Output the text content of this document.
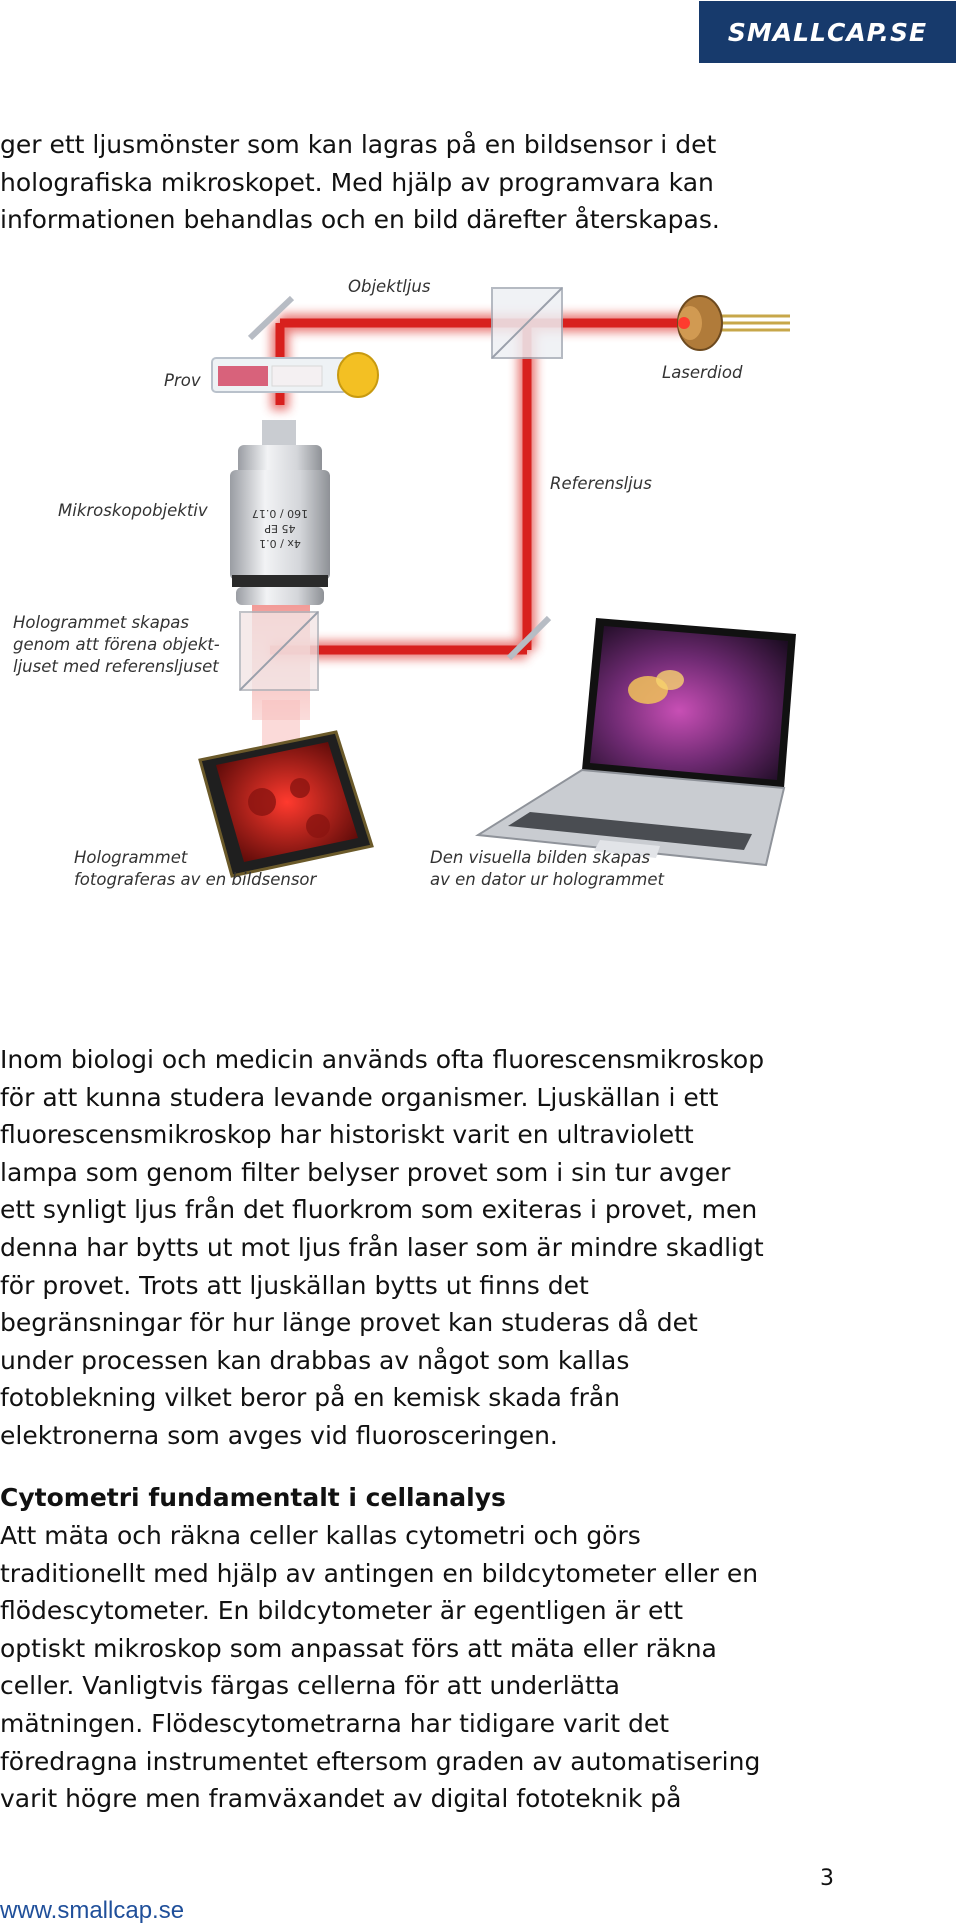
SMALLCAP.SE

ger ett ljusmönster som kan lagras på en bildsensor i det
holografiska mikroskopet. Med hjälp av programvara kan
informationen behandlas och en bild därefter återskapas.

4x / 0.1
45 EP
160 / 0.17
Objektljus
Prov	Laserdiod
Referensljus
Mikroskopobjektiv
Hologrammet skapas
genom att förena objekt-
ljuset med referensljuset
Hologrammet
fotograferas av en bildsensor
Den visuella bilden skapas
av en dator ur hologrammet

Inom biologi och medicin används ofta fluorescensmikroskop
för att kunna studera levande organismer. Ljuskällan i ett
fluorescensmikroskop har historiskt varit en ultraviolett
lampa som genom filter belyser provet som i sin tur avger
ett synligt ljus från det fluorkrom som exiteras i provet, men
denna har bytts ut mot ljus från laser som är mindre skadligt
för provet. Trots att ljuskällan bytts ut finns det
begränsningar för hur länge provet kan studeras då det
under processen kan drabbas av något som kallas
fotoblekning vilket beror på en kemisk skada från
elektronerna som avges vid fluorosceringen.

Cytometri fundamentalt i cellanalys

Att mäta och räkna celler kallas cytometri och görs
traditionellt med hjälp av antingen en bildcytometer eller en
flödescytometer. En bildcytometer är egentligen är ett
optiskt mikroskop som anpassat förs att mäta eller räkna
celler. Vanligtvis färgas cellerna för att underlätta
mätningen. Flödescytometrarna har tidigare varit det
föredragna instrumentet eftersom graden av automatisering
varit högre men framväxandet av digital fototeknik på

3
www.smallcap.se
